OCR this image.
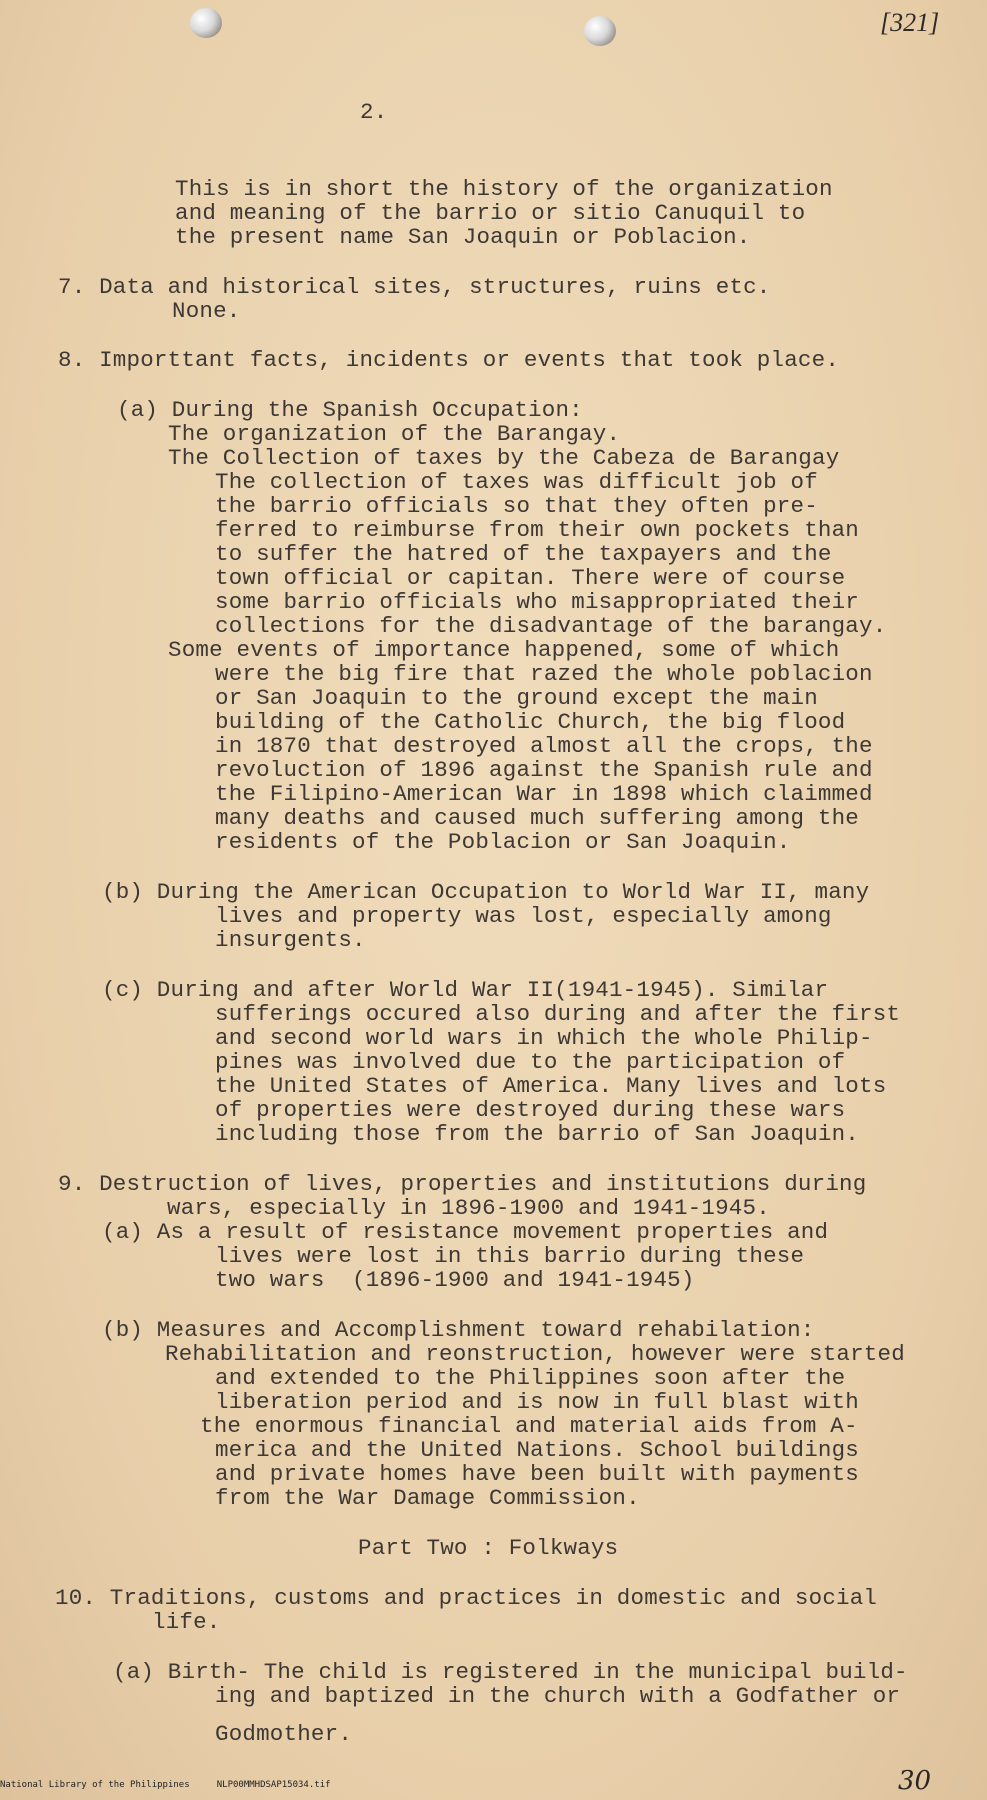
[321]

2.

This is in short the history of the organization

and meaning of the barrio or sitio Canuquil to

the present name San Joaquin or Poblacion.

7. Data and historical sites, structures, ruins etc.

None.

8. Importtant facts, incidents or events that took place.

(a) During the Spanish Occupation:

The organization of the Barangay.

The Collection of taxes by the Cabeza de Barangay

The collection of taxes was difficult job of

the barrio officials so that they often pre-

ferred to reimburse from their own pockets than

to suffer the hatred of the taxpayers and the

town official or capitan. There were of course

some barrio officials who misappropriated their

collections for the disadvantage of the barangay.

Some events of importance happened, some of which

were the big fire that razed the whole poblacion

or San Joaquin to the ground except the main

building of the Catholic Church, the big flood

in 1870 that destroyed almost all the crops, the

revoluction of 1896 against the Spanish rule and

the Filipino-American War in 1898 which claimmed

many deaths and caused much suffering among the

residents of the Poblacion or San Joaquin.

(b) During the American Occupation to World War II, many

lives and property was lost, especially among

insurgents.

(c) During and after World War II(1941-1945). Similar

sufferings occured also during and after the first

and second world wars in which the whole Philip-

pines was involved due to the participation of

the United States of America. Many lives and lots

of properties were destroyed during these wars

including those from the barrio of San Joaquin.

9. Destruction of lives, properties and institutions during

wars, especially in 1896-1900 and 1941-1945.

(a) As a result of resistance movement properties and

lives were lost in this barrio during these

two wars  (1896-1900 and 1941-1945)

(b) Measures and Accomplishment toward rehabilation:

Rehabilitation and reonstruction, however were started

and extended to the Philippines soon after the

liberation period and is now in full blast with

the enormous financial and material aids from A-

merica and the United Nations. School buildings

and private homes have been built with payments

from the War Damage Commission.

Part Two : Folkways

10. Traditions, customs and practices in domestic and social

life.

(a) Birth- The child is registered in the municipal build-

ing and baptized in the church with a Godfather or

Godmother.

30
National Library of the Philippines     NLP00MMHDSAP15034.tif
